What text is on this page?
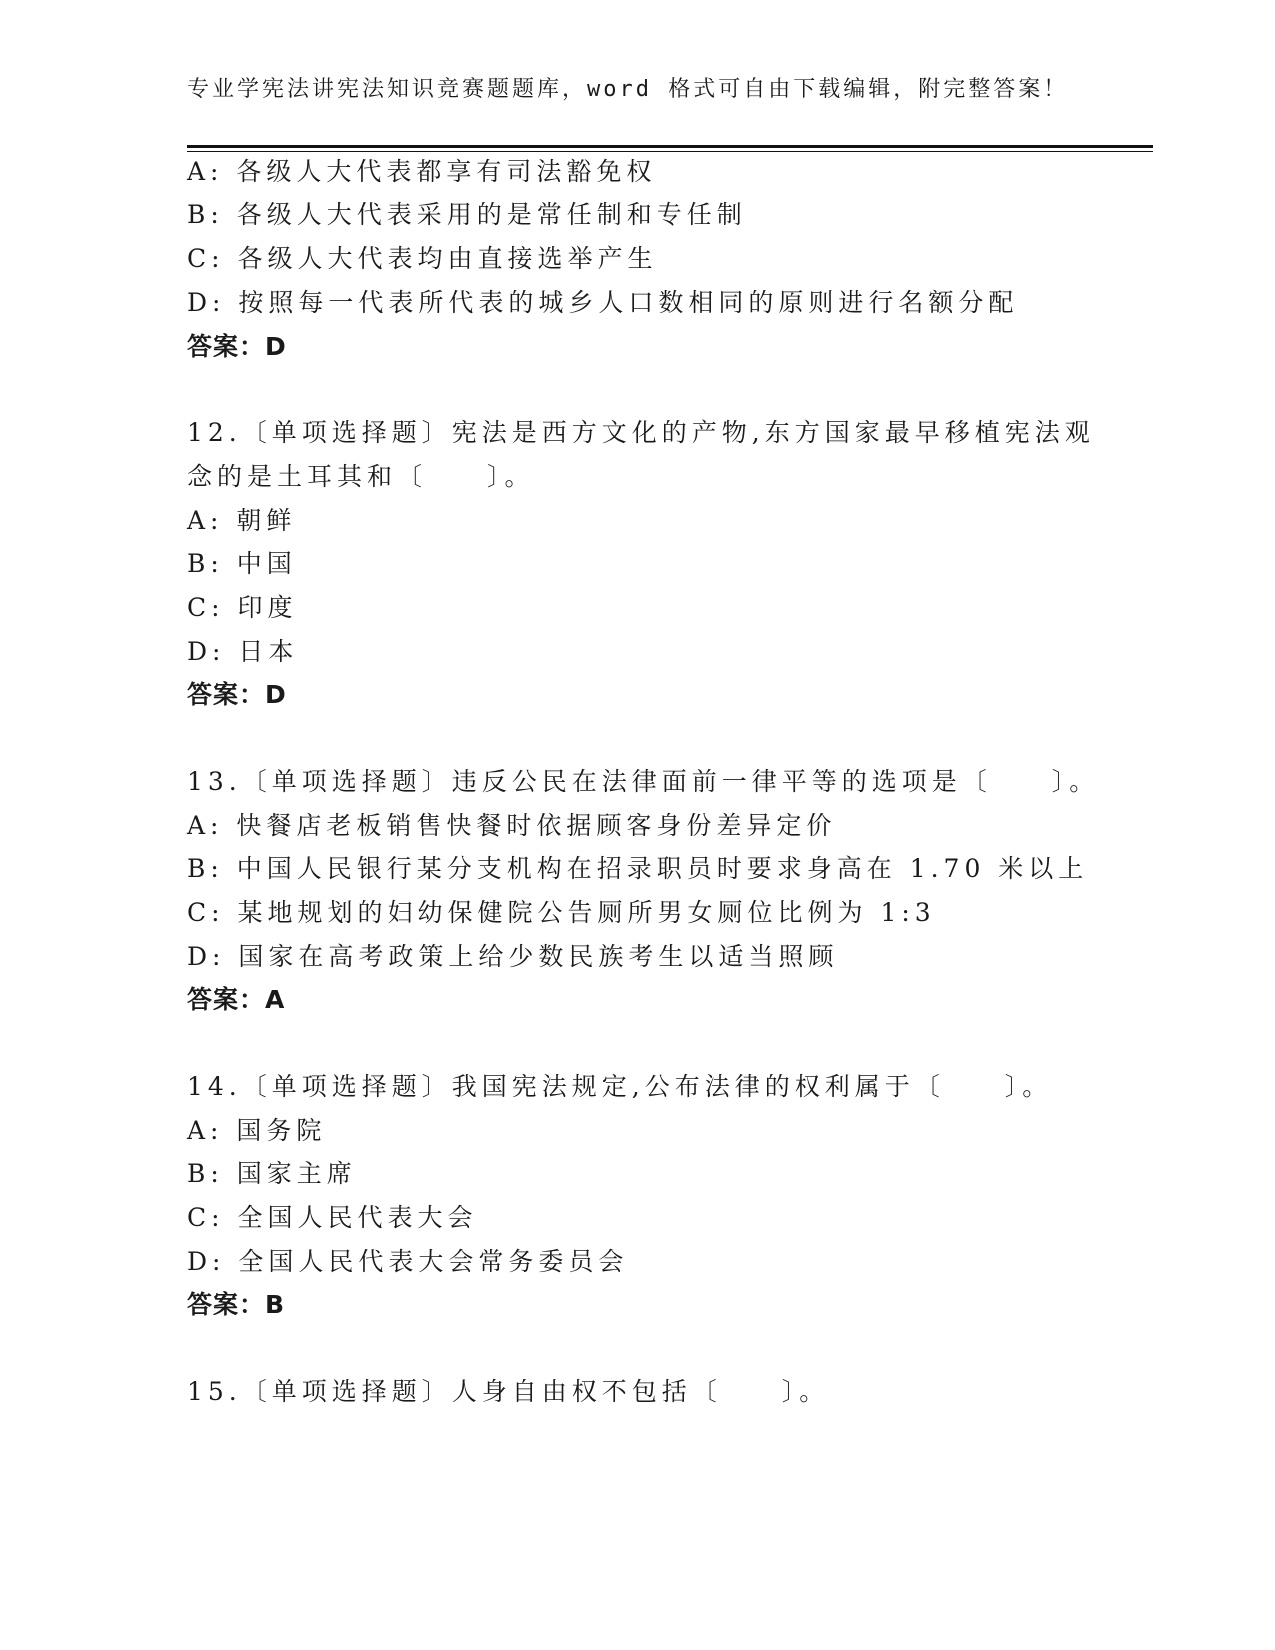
专业学宪法讲宪法知识竞赛题题库，word 格式可自由下载编辑，附完整答案！
A: 各级人大代表都享有司法豁免权
B: 各级人大代表采用的是常任制和专任制
C: 各级人大代表均由直接选举产生
D: 按照每一代表所代表的城乡人口数相同的原则进行名额分配
答案：D
12.〔单项选择题〕宪法是西方文化的产物,东方国家最早移植宪法观
念的是土耳其和〔　　〕。
A: 朝鲜
B: 中国
C: 印度
D: 日本
答案：D
13.〔单项选择题〕违反公民在法律面前一律平等的选项是〔　　〕。
A: 快餐店老板销售快餐时依据顾客身份差异定价
B: 中国人民银行某分支机构在招录职员时要求身高在 1.70 米以上
C: 某地规划的妇幼保健院公告厕所男女厕位比例为 1:3
D: 国家在高考政策上给少数民族考生以适当照顾
答案：A
14.〔单项选择题〕我国宪法规定,公布法律的权利属于〔　　〕。
A: 国务院
B: 国家主席
C: 全国人民代表大会
D: 全国人民代表大会常务委员会
答案：B
15.〔单项选择题〕人身自由权不包括〔　　〕。
